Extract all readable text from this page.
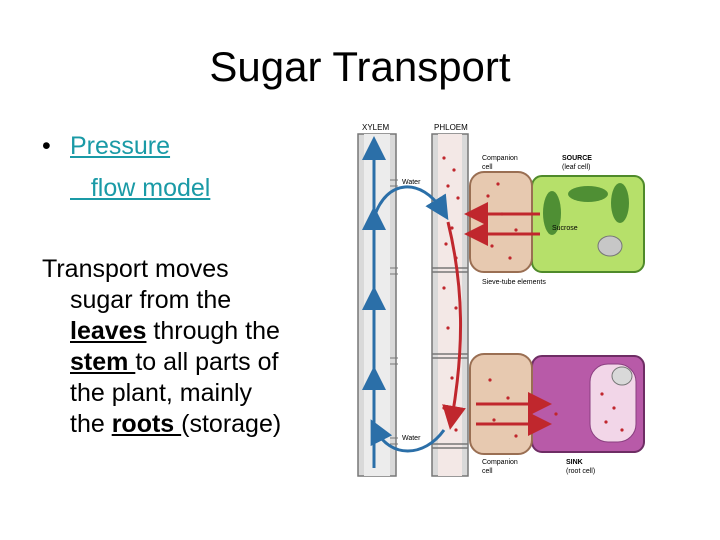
Sugar Transport
• Pressure
flow model
Transport moves
sugar from the
leaves through the
stem to all parts of
the plant, mainly
the roots (storage)
XYLEM	PHLOEM
Companion
cell
SOURCE
(leaf cell)
Water
Sucrose
Sieve-tube elements
Water
Companion
cell
SINK
(root cell)
